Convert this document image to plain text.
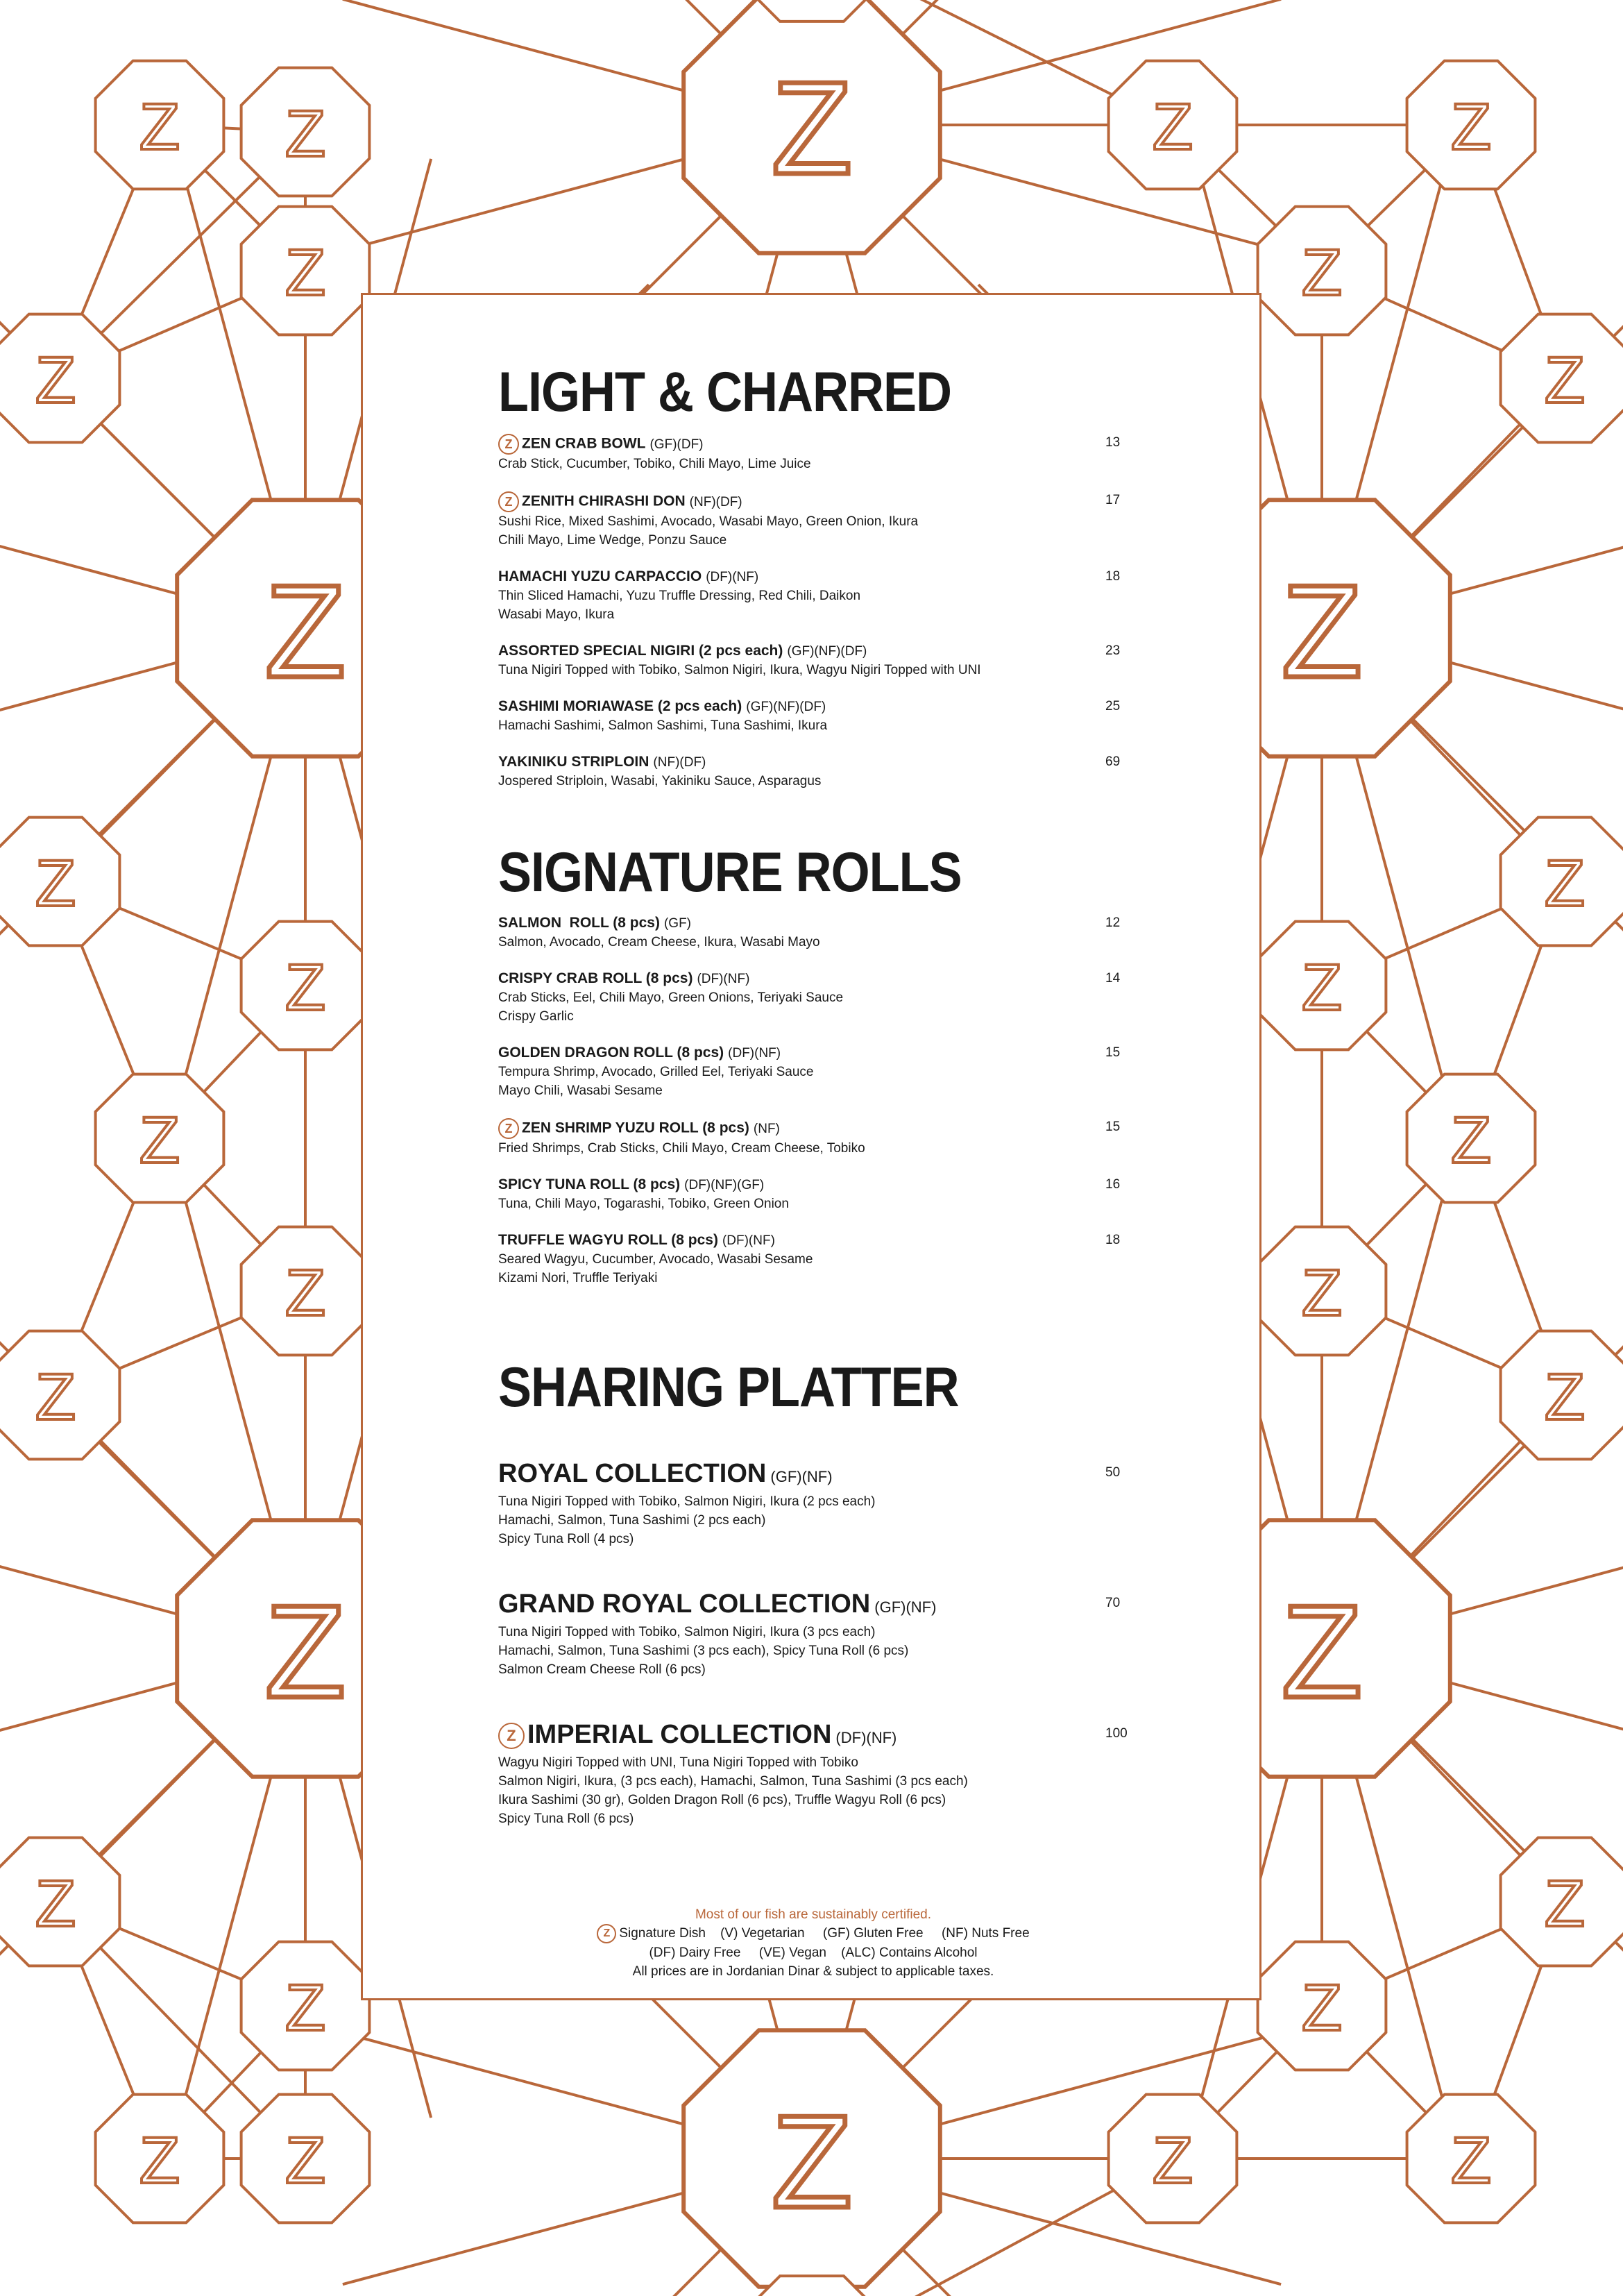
Z
Z	Z
Z	Z
Z	Z
Z	Z
Z	Z
Z	Z
Z	Z
Z	Z
Z	Z
Z	Z
Z	Z
Z	Z
Z	Z
Z
Z	Z
Z	Z
LIGHT & CHARRED
Z ZEN CRAB BOWL (GF)(DF)
Crab Stick, Cucumber, Tobiko, Chili Mayo, Lime Juice
13
Z ZENITH CHIRASHI DON (NF)(DF)
Sushi Rice, Mixed Sashimi, Avocado, Wasabi Mayo, Green Onion, Ikura
Chili Mayo, Lime Wedge, Ponzu Sauce
17
HAMACHI YUZU CARPACCIO (DF)(NF)
Thin Sliced Hamachi, Yuzu Truffle Dressing, Red Chili, Daikon
Wasabi Mayo, Ikura
18
ASSORTED SPECIAL NIGIRI (2 pcs each) (GF)(NF)(DF)
Tuna Nigiri Topped with Tobiko, Salmon Nigiri, Ikura, Wagyu Nigiri Topped with UNI
23
SASHIMI MORIAWASE (2 pcs each) (GF)(NF)(DF)
Hamachi Sashimi, Salmon Sashimi, Tuna Sashimi, Ikura
25
YAKINIKU STRIPLOIN (NF)(DF)
Jospered Striploin, Wasabi, Yakiniku Sauce, Asparagus
69
SIGNATURE ROLLS
SALMON  ROLL (8 pcs) (GF)
Salmon, Avocado, Cream Cheese, Ikura, Wasabi Mayo
12
CRISPY CRAB ROLL (8 pcs) (DF)(NF)
Crab Sticks, Eel, Chili Mayo, Green Onions, Teriyaki Sauce
Crispy Garlic
14
GOLDEN DRAGON ROLL (8 pcs) (DF)(NF)
Tempura Shrimp, Avocado, Grilled Eel, Teriyaki Sauce
Mayo Chili, Wasabi Sesame
15
Z ZEN SHRIMP YUZU ROLL (8 pcs) (NF)
Fried Shrimps, Crab Sticks, Chili Mayo, Cream Cheese, Tobiko
15
SPICY TUNA ROLL (8 pcs) (DF)(NF)(GF)
Tuna, Chili Mayo, Togarashi, Tobiko, Green Onion
16
TRUFFLE WAGYU ROLL (8 pcs) (DF)(NF)
Seared Wagyu, Cucumber, Avocado, Wasabi Sesame
Kizami Nori, Truffle Teriyaki
18
SHARING PLATTER
ROYAL COLLECTION (GF)(NF)
Tuna Nigiri Topped with Tobiko, Salmon Nigiri, Ikura (2 pcs each)
Hamachi, Salmon, Tuna Sashimi (2 pcs each)
Spicy Tuna Roll (4 pcs)
50
GRAND ROYAL COLLECTION (GF)(NF)
Tuna Nigiri Topped with Tobiko, Salmon Nigiri, Ikura (3 pcs each)
Hamachi, Salmon, Tuna Sashimi (3 pcs each), Spicy Tuna Roll (6 pcs)
Salmon Cream Cheese Roll (6 pcs)
70
Z IMPERIAL COLLECTION (DF)(NF)
Wagyu Nigiri Topped with UNI, Tuna Nigiri Topped with Tobiko
Salmon Nigiri, Ikura, (3 pcs each), Hamachi, Salmon, Tuna Sashimi (3 pcs each)
Ikura Sashimi (30 gr), Golden Dragon Roll (6 pcs), Truffle Wagyu Roll (6 pcs)
Spicy Tuna Roll (6 pcs)
100
Most of our fish are sustainably certified.
Z Signature Dish    (V) Vegetarian     (GF) Gluten Free     (NF) Nuts Free
(DF) Dairy Free     (VE) Vegan    (ALC) Contains Alcohol
All prices are in Jordanian Dinar & subject to applicable taxes.
